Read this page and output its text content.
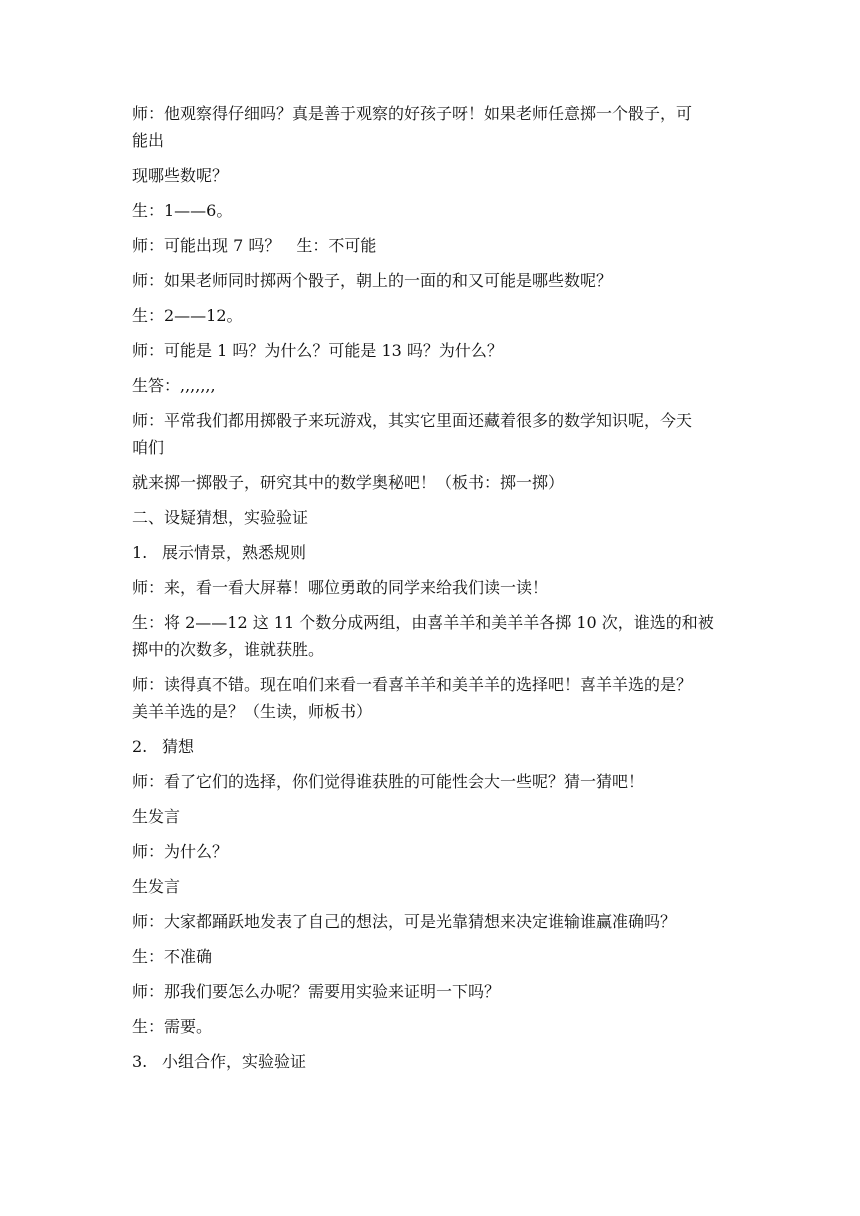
师：他观察得仔细吗？真是善于观察的好孩子呀！如果老师任意掷一个骰子，可

能出

现哪些数呢？

生：1——6。

师：可能出现 7 吗？　生：不可能

师：如果老师同时掷两个骰子，朝上的一面的和又可能是哪些数呢？

生：2——12。

师：可能是 1 吗？为什么？可能是 13 吗？为什么？

生答：,,,,,,,

师：平常我们都用掷骰子来玩游戏，其实它里面还藏着很多的数学知识呢，今天

咱们

就来掷一掷骰子，研究其中的数学奥秘吧！（板书：掷一掷）

二、设疑猜想，实验验证

1. 展示情景，熟悉规则

师：来，看一看大屏幕！哪位勇敢的同学来给我们读一读！

生：将 2——12 这 11 个数分成两组，由喜羊羊和美羊羊各掷 10 次，谁选的和被

掷中的次数多，谁就获胜。

师：读得真不错。现在咱们来看一看喜羊羊和美羊羊的选择吧！喜羊羊选的是？

美羊羊选的是？（生读，师板书）

2. 猜想

师：看了它们的选择，你们觉得谁获胜的可能性会大一些呢？猜一猜吧！

生发言

师：为什么？

生发言

师：大家都踊跃地发表了自己的想法，可是光靠猜想来决定谁输谁赢准确吗？

生：不准确

师：那我们要怎么办呢？需要用实验来证明一下吗？

生：需要。

3. 小组合作，实验验证
